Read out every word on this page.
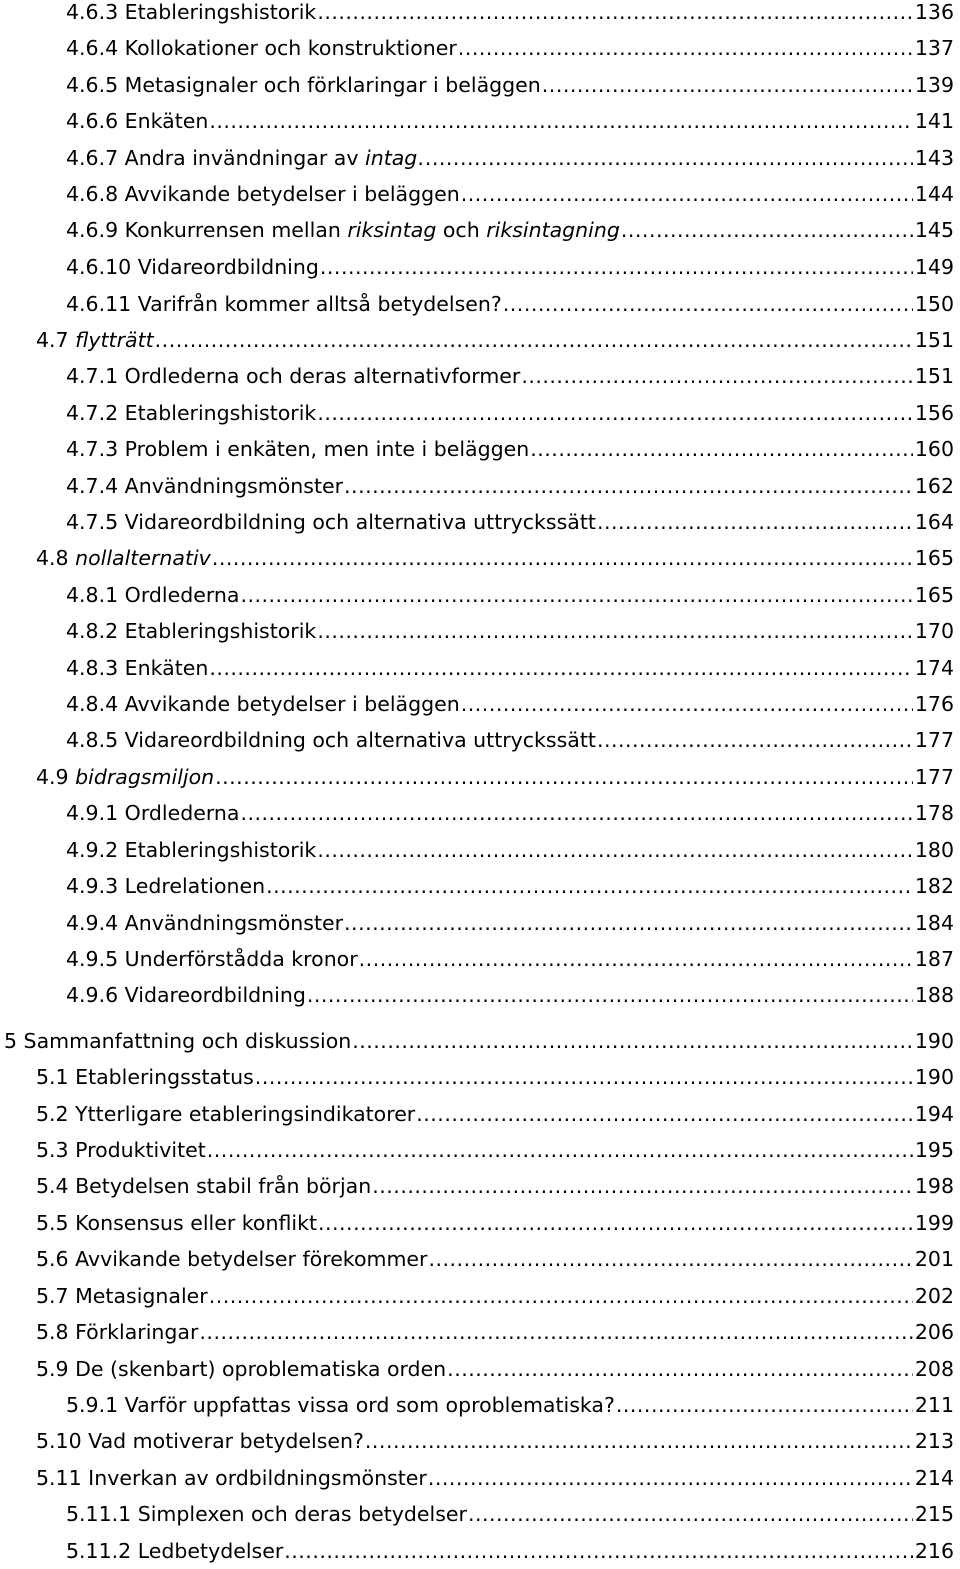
4.6.3 Etableringshistorik .....	136
4.6.4 Kollokationer och konstruktioner .....	137
4.6.5 Metasignaler och förklaringar i beläggen .....	139
4.6.6 Enkäten .....	141
4.6.7 Andra invändningar av intag. .....	143
4.6.8 Avvikande betydelser i beläggen .....	144
4.6.9 Konkurrensen mellan riksintag och riksintagning .....	145
4.6.10 Vidareordbildning .....	149
4.6.11 Varifrån kommer alltså betydelsen? .....	150
4.7 flytträtt .....	151
4.7.1 Ordlederna och deras alternativformer .....	151
4.7.2 Etableringshistorik .....	156
4.7.3 Problem i enkäten, men inte i beläggen .....	160
4.7.4 Användningsmönster .....	162
4.7.5 Vidareordbildning och alternativa uttryckssätt .....	164
4.8 nollalternativ .....	165
4.8.1 Ordlederna .....	165
4.8.2 Etableringshistorik .....	170
4.8.3 Enkäten .....	174
4.8.4 Avvikande betydelser i beläggen .....	176
4.8.5 Vidareordbildning och alternativa uttryckssätt .....	177
4.9 bidragsmiljon .....	177
4.9.1 Ordlederna .....	178
4.9.2 Etableringshistorik .....	180
4.9.3 Ledrelationen .....	182
4.9.4 Användningsmönster .....	184
4.9.5 Underförstådda kronor .....	187
4.9.6 Vidareordbildning .....	188
5 Sammanfattning och diskussion .....	190
5.1 Etableringsstatus .....	190
5.2 Ytterligare etableringsindikatorer .....	194
5.3 Produktivitet .....	195
5.4 Betydelsen stabil från början .....	198
5.5 Konsensus eller konflikt .....	199
5.6 Avvikande betydelser förekommer .....	201
5.7 Metasignaler .....	202
5.8 Förklaringar .....	206
5.9 De (skenbart) oproblematiska orden .....	208
5.9.1 Varför uppfattas vissa ord som oproblematiska? .....	211
5.10 Vad motiverar betydelsen? .....	213
5.11 Inverkan av ordbildningsmönster .....	214
5.11.1 Simplexen och deras betydelser .....	215
5.11.2 Ledbetydelser .....	216
